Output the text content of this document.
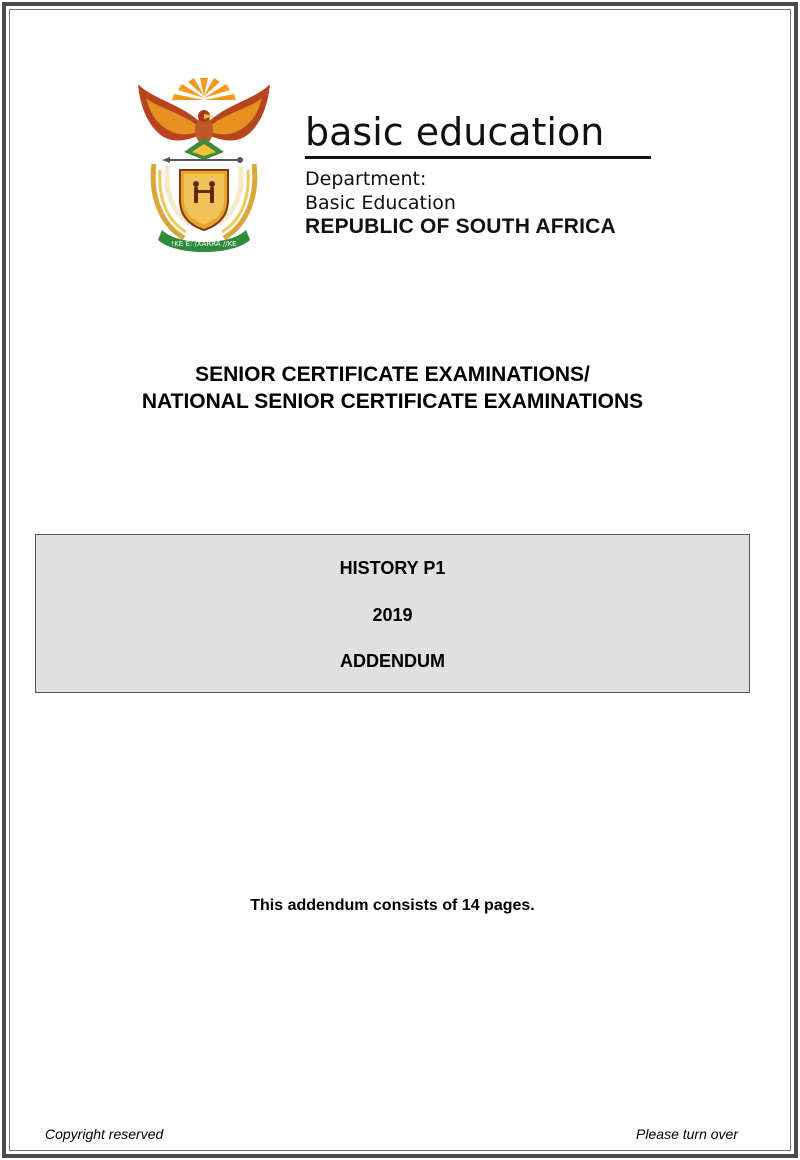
!KE E: /XARRA //KE
basic education
Department:
Basic Education
REPUBLIC OF SOUTH AFRICA
SENIOR CERTIFICATE EXAMINATIONS/
NATIONAL SENIOR CERTIFICATE EXAMINATIONS
HISTORY P1
2019
ADDENDUM
This addendum consists of 14 pages.
Copyright reserved	Please turn over
